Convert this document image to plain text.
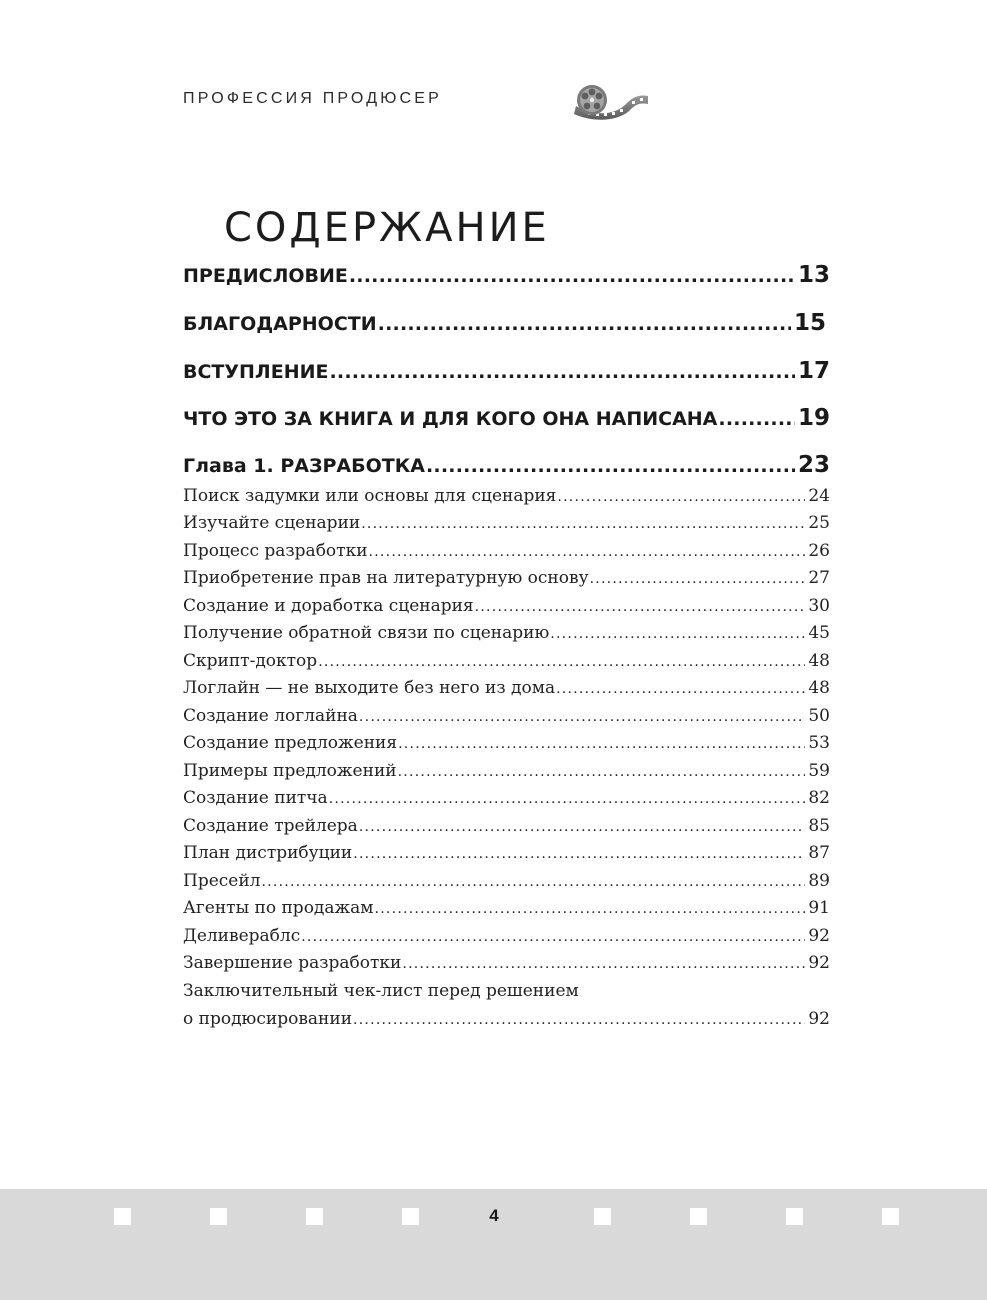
ПРОФЕССИЯ ПРОДЮСЕР
СОДЕРЖАНИЕ
ПРЕДИСЛОВИЕ . . .	13
БЛАГОДАРНОСТИ . . .	15
ВСТУПЛЕНИЕ . . .	17
ЧТО ЭТО ЗА КНИГА И ДЛЯ КОГО ОНА НАПИСАНА . . .	19
Глава 1. РАЗРАБОТКА . . .	23
Поиск задумки или основы для сценария . . .	24
Изучайте сценарии . . .	25
Процесс разработки . . .	26
Приобретение прав на литературную основу . . .	27
Создание и доработка сценария . . .	30
Получение обратной связи по сценарию . . .	45
Скрипт-доктор . . .	48
Логлайн — не выходите без него из дома . . .	48
Создание логлайна . . .	50
Создание предложения . . .	53
Примеры предложений . . .	59
Создание питча . . .	82
Создание трейлера . . .	85
План дистрибуции . . .	87
Пресейл . . .	89
Агенты по продажам . . .	91
Деливераблс . . .	92
Завершение разработки . . .	92
Заключительный чек-лист перед решением
о продюсировании . . .	92
4
